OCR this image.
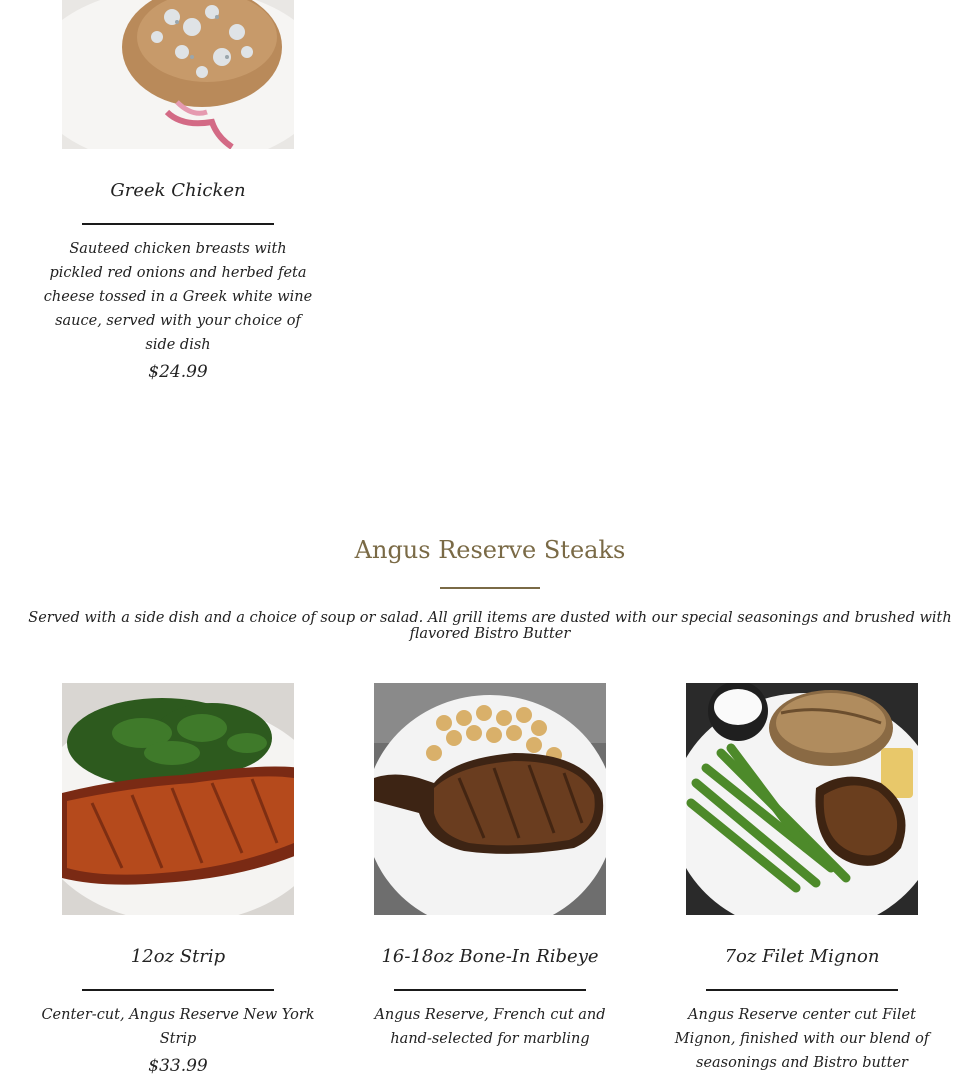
Greek Chicken
Sauteed chicken breasts with pickled red onions and herbed feta cheese tossed in a Greek white wine sauce, served with your choice of side dish
$24.99
Angus Reserve Steaks
Served with a side dish and a choice of soup or salad. All grill items are dusted with our special seasonings and brushed with flavored Bistro Butter
12oz Strip
Center-cut, Angus Reserve New York Strip
$33.99
16-18oz Bone-In Ribeye
Angus Reserve, French cut and hand-selected for marbling
7oz Filet Mignon
Angus Reserve center cut Filet Mignon, finished with our blend of seasonings and Bistro butter
